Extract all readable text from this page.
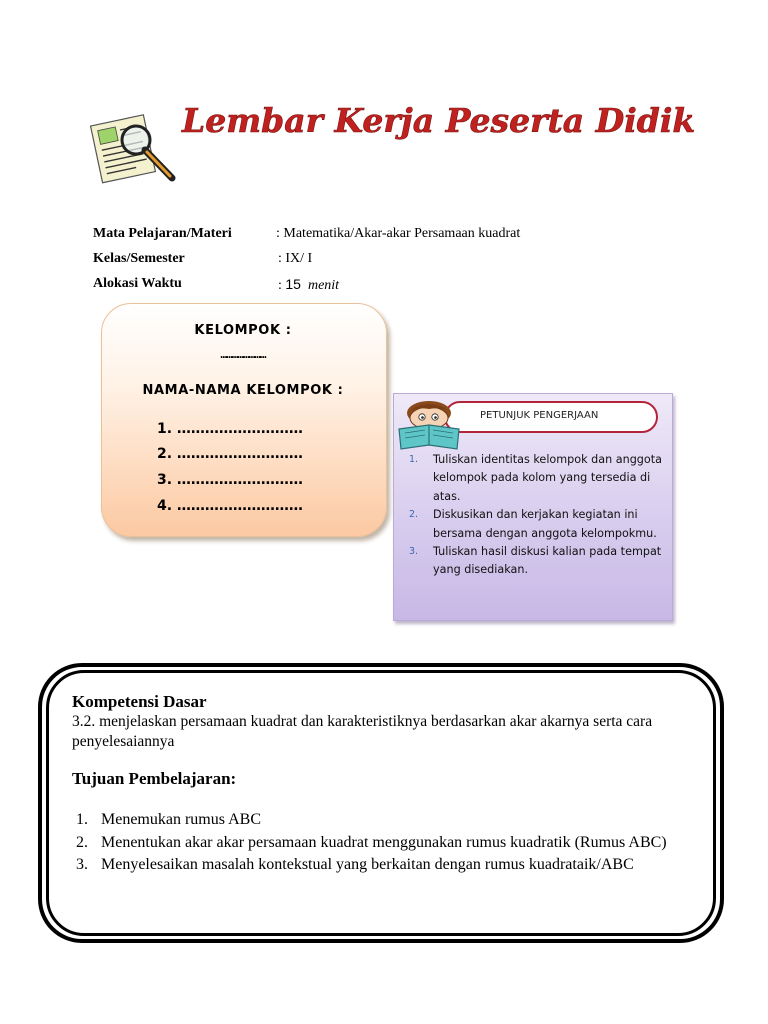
Lembar Kerja Peserta Didik
Mata Pelajaran/Materi	: Matematika/Akar-akar Persamaan kuadrat
Kelas/Semester	: IX/ I
Alokasi Waktu	: 15 menit
KELOMPOK :
……………………
NAMA-NAMA KELOMPOK :
1. ………………………
2. ………………………
3. ………………………
4. ………………………
PETUNJUK PENGERJAAN
1. Tuliskan identitas kelompok dan anggota kelompok pada kolom yang tersedia di atas.
2. Diskusikan dan kerjakan kegiatan ini bersama dengan anggota kelompokmu.
3. Tuliskan hasil diskusi kalian pada tempat yang disediakan.
Kompetensi Dasar
3.2. menjelaskan persamaan kuadrat dan karakteristiknya berdasarkan akar akarnya serta cara penyelesaiannya
Tujuan Pembelajaran:
1. Menemukan rumus ABC
2. Menentukan akar akar persamaan kuadrat menggunakan rumus kuadratik (Rumus ABC)
3. Menyelesaikan masalah kontekstual yang berkaitan dengan rumus kuadrataik/ABC
